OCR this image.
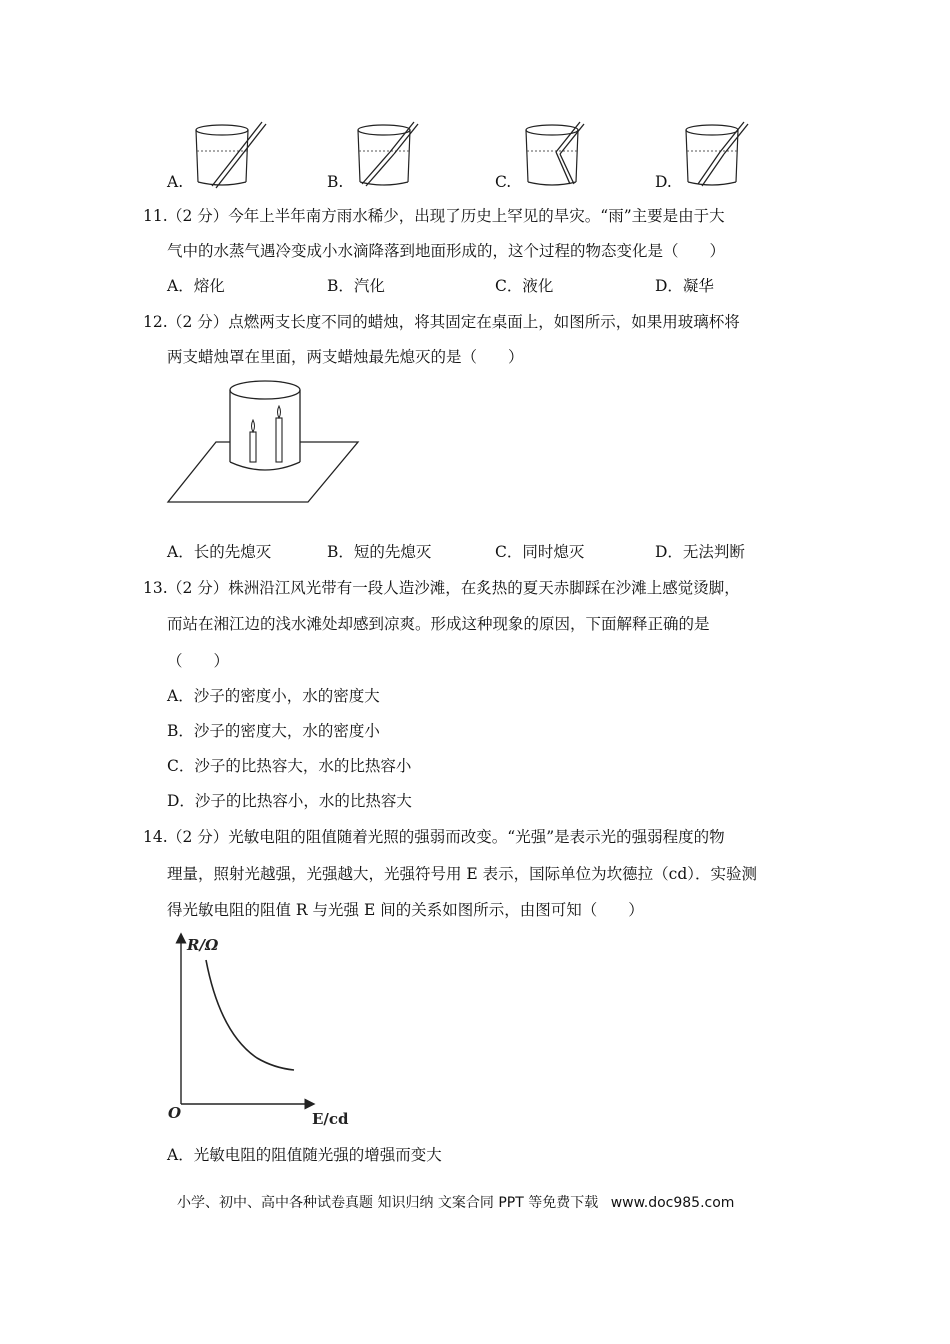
A.	B.	C.	D.
11. （2 分）今年上半年南方雨水稀少，出现了历史上罕见的旱灾。“雨”主要是由于大
气中的水蒸气遇冷变成小水滴降落到地面形成的，这个过程的物态变化是（　　）
A．熔化	B．汽化	C．液化	D．凝华
12. （2 分）点燃两支长度不同的蜡烛，将其固定在桌面上，如图所示，如果用玻璃杯将
两支蜡烛罩在里面，两支蜡烛最先熄灭的是（　　）
A．长的先熄灭	B．短的先熄灭	C．同时熄灭	D．无法判断
13. （2 分）株洲沿江风光带有一段人造沙滩，在炙热的夏天赤脚踩在沙滩上感觉烫脚，
而站在湘江边的浅水滩处却感到凉爽。形成这种现象的原因，下面解释正确的是
（　　）
A．沙子的密度小，水的密度大
B．沙子的密度大，水的密度小
C．沙子的比热容大，水的比热容小
D．沙子的比热容小，水的比热容大
14. （2 分）光敏电阻的阻值随着光照的强弱而改变。“光强”是表示光的强弱程度的物
理量，照射光越强，光强越大，光强符号用 E 表示，国际单位为坎德拉（cd）．实验测
得光敏电阻的阻值 R 与光强 E 间的关系如图所示，由图可知（　　）
R/Ω
O	E/cd
A．光敏电阻的阻值随光强的增强而变大
小学、初中、高中各种试卷真题 知识归纳 文案合同 PPT 等免费下载 www.doc985.com
